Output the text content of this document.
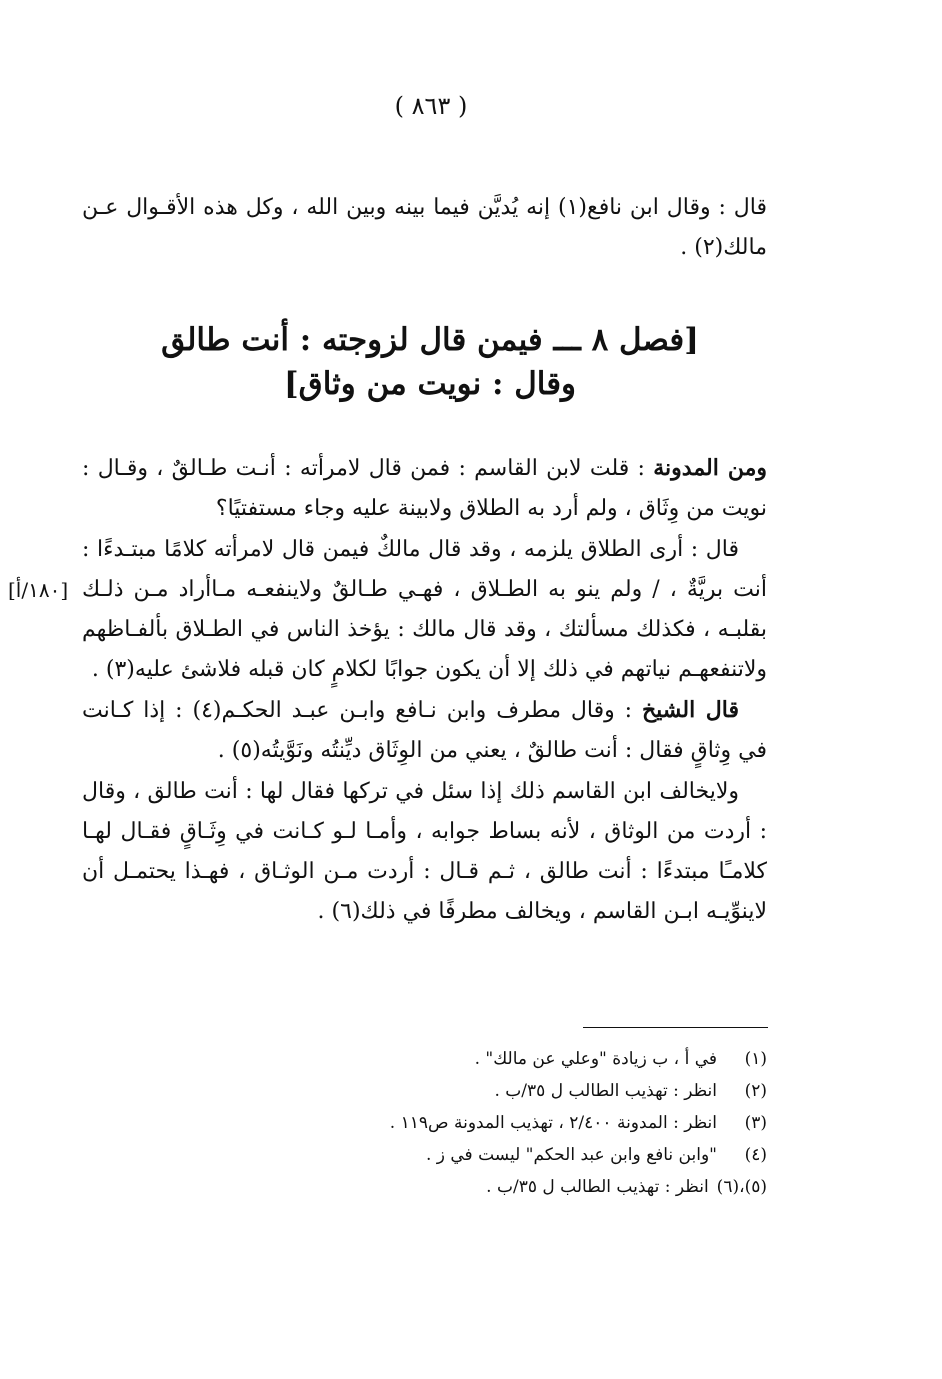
( ٨٦٣ )
قال : وقال ابن نافع(١) إنه يُديَّن فيما بينه وبين الله ، وكل هذه الأقـوال عـن مالك(٢) .
[فصل ٨ ـــ فيمن قال لزوجته : أنت طالق
وقال : نويت من وثاق]

ومن المدونة : قلت لابن القاسم : فمن قال لامرأته : أنـت طـالقٌ ، وقـال : نويت من وِثَاق ، ولم أرد به الطلاق ولابينة عليه وجاء مستفتيًا؟

قال : أرى الطلاق يلزمه ، وقد قال مالكٌ فيمن قال لامرأته كلامًا مبتـدءًا : أنت بريَّةٌ ، / ولم ينو به الطـلاق ، فهـي طـالقٌ ولاينفعـه مـاأراد مـن ذلـك بقلبـه ، فكذلك مسألتك ، وقد قال مالك : يؤخذ الناس في الطـلاق بألفـاظهم ولاتنفعهـم نياتهم في ذلك إلا أن يكون جوابًا لكلامٍ كان قبله فلاشئ عليه(٣) .

قال الشيخ : وقال مطرف وابن نـافع وابـن عبـد الحكـم(٤) : إذا كـانت في وِثاقٍ فقال : أنت طالقٌ ، يعني من الوِثَاق ديِّنتُه ونَوَّيتُه(٥) .

ولايخالف ابن القاسم ذلك إذا سئل في تركها فقال لها : أنت طالق ، وقال : أردت من الوثاق ، لأنه بساط جوابه ، وأمـا لـو كـانت في وِثَـاقٍ فقـال لهـا كلامـًا مبتدءًا : أنت طالق ، ثـم قـال : أردت مـن الوثـاق ، فهـذا يحتمـل أن لاينوِّيـه ابـن القاسم ، ويخالف مطرفًا في ذلك(٦) .

[١٨٠/أ]
(١)
في أ ، ب زيادة "وعلي عن مالك" .
(٢)
انظر : تهذيب الطالب ل ٣٥/ب .
(٣)
انظر : المدونة ٢/٤٠٠ ، تهذيب المدونة ص١١٩ .
(٤)
"وابن نافع وابن عبد الحكم" ليست في ز .
(٥)،(٦)
انظر : تهذيب الطالب ل ٣٥/ب .
